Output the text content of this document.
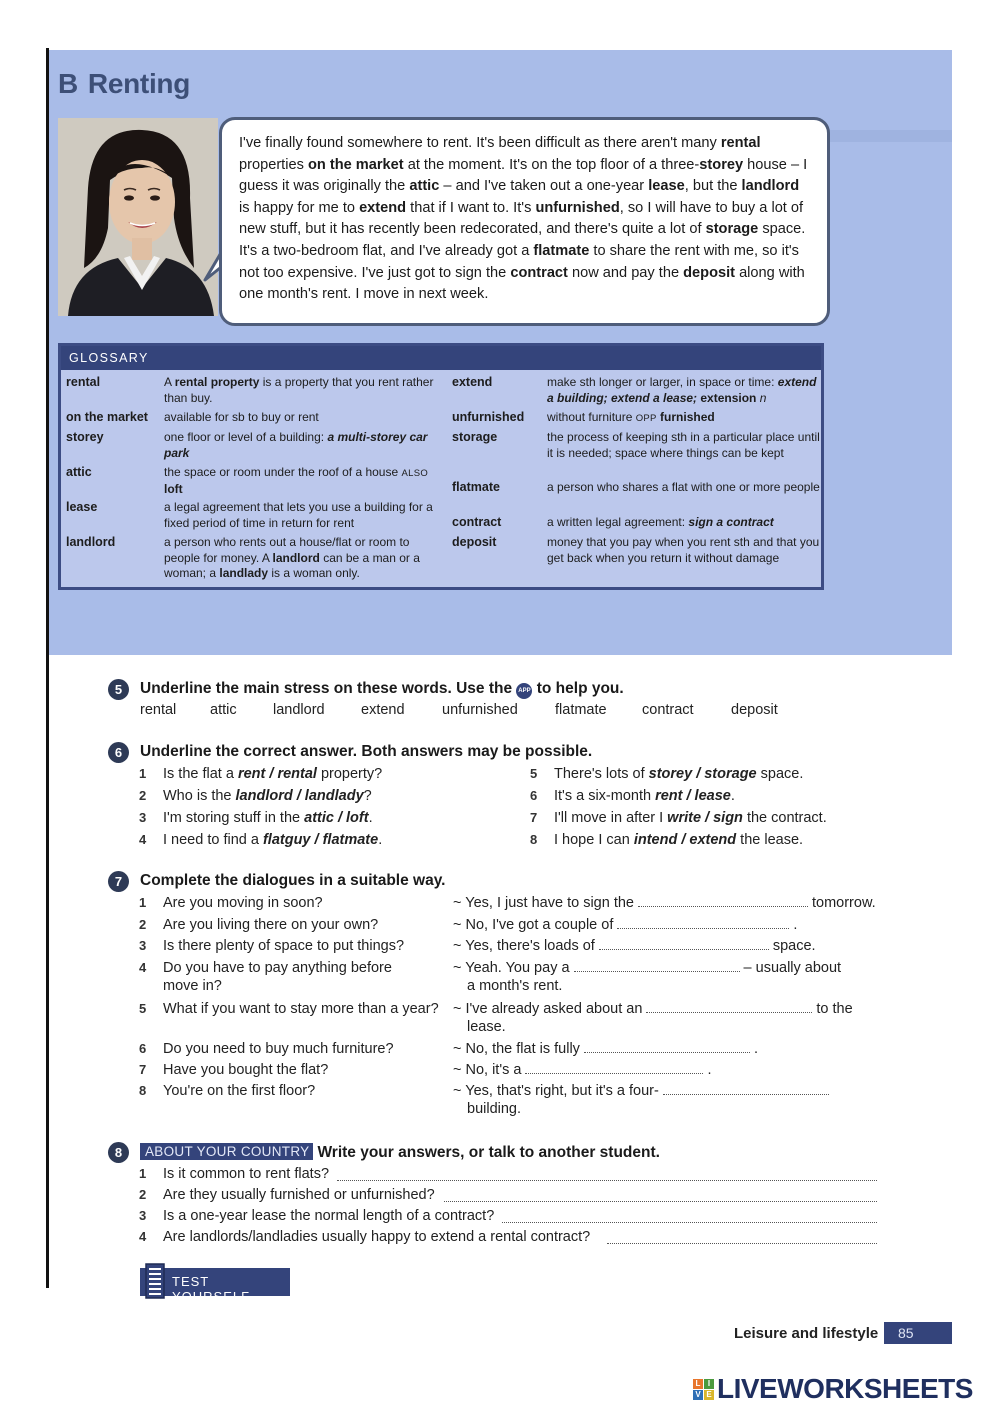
B Renting
I've finally found somewhere to rent. It's been difficult as there aren't many rental properties on the market at the moment. It's on the top floor of a three-storey house – I guess it was originally the attic – and I've taken out a one-year lease, but the landlord is happy for me to extend that if I want to. It's unfurnished, so I will have to buy a lot of new stuff, but it has recently been redecorated, and there's quite a lot of storage space. It's a two-bedroom flat, and I've already got a flatmate to share the rent with me, so it's not too expensive. I've just got to sign the contract now and pay the deposit along with one month's rent. I move in next week.
GLOSSARY
rental	A rental property is a property that you rent rather than buy.
on the market available for sb to buy or rent
storey	one floor or level of a building: a multi-storey car park
attic	the space or room under the roof of a house ALSO loft
lease	a legal agreement that lets you use a building for a fixed period of time in return for rent
landlord	a person who rents out a house/flat or room to people for money. A landlord can be a man or a woman; a landlady is a woman only.
extend	make sth longer or larger, in space or time: extend a building; extend a lease; extension n
unfurnished without furniture OPP furnished
storage	the process of keeping sth in a particular place until it is needed; space where things can be kept
flatmate	a person who shares a flat with one or more people
contract	a written legal agreement: sign a contract
deposit	money that you pay when you rent sth and that you get back when you return it without damage
5	Underline the main stress on these words. Use the APP to help you.
rental attic	landlord	extend	unfurnished	flatmate contract	deposit
6	Underline the correct answer. Both answers may be possible.
1 Is the flat a rent / rental property?
2 Who is the landlord / landlady?
3 I'm storing stuff in the attic / loft.
4 I need to find a flatguy / flatmate.
5 There's lots of storey / storage space.
6 It's a six-month rent / lease.
7 I'll move in after I write / sign the contract.
8 I hope I can intend / extend the lease.
7	Complete the dialogues in a suitable way.
1 Are you moving in soon?	~ Yes, I just have to sign the	tomorrow.
2 Are you living there on your own?	~ No, I've got a couple of	.
3 Is there plenty of space to put things?	~ Yes, there's loads of	space.
4 Do you have to pay anything before
move in?
~ Yeah. You pay a	– usually about
a month's rent.
5 What if you want to stay more than a year? ~ I've already asked about an	to the
lease.
6 Do you need to buy much furniture?	~ No, the flat is fully	.
7 Have you bought the flat?	~ No, it's a	.
8 You're on the first floor?	~ Yes, that's right, but it's a four-
building.
8	ABOUT YOUR COUNTRY Write your answers, or talk to another student.
1 Is it common to rent flats?
2 Are they usually furnished or unfurnished?
3 Is a one-year lease the normal length of a contract?
4 Are landlords/landladies usually happy to extend a rental contract?
TEST YOURSELF
Leisure and lifestyle	85
L I
V E LIVEWORKSHEETS
